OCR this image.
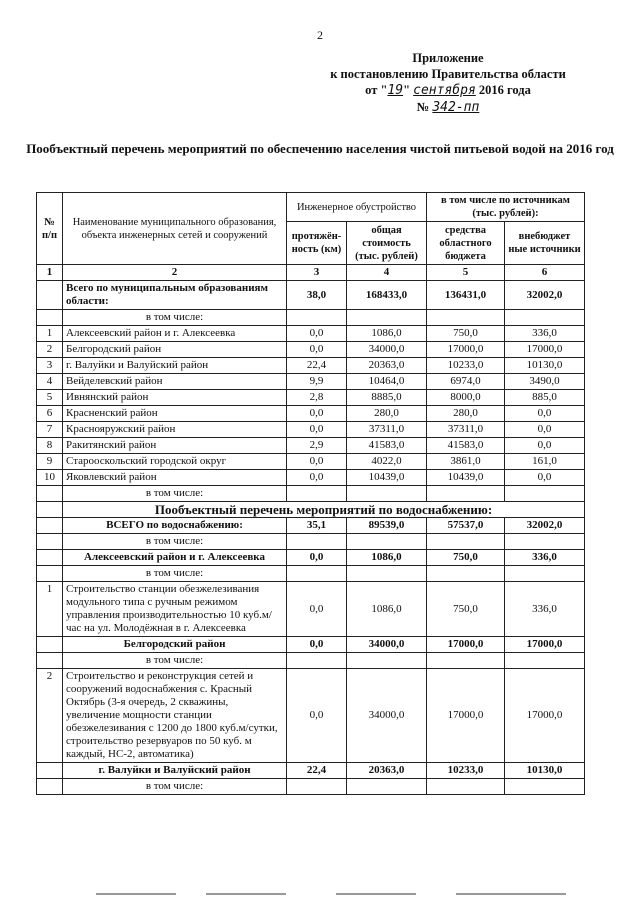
2
Приложение
к постановлению Правительства области
от "19" сентября 2016 года
№ 342-пп
Пообъектный перечень мероприятий по обеспечению населения чистой питьевой водой на 2016 год
№ п/п	Наименование муниципального образования, объекта инженерных сетей и сооружений	Инженерное обустройство		в том числе по источникам (тыс. рублей):	
		протяжён- ность (км)	общая стоимость (тыс. рублей)	средства областного бюджета	внебюджет ные источники
1	2	3	4	5	6
	Всего по муниципальным образованиям области:	38,0	168433,0	136431,0	32002,0
	в том числе:				
1	Алексеевский район и г. Алексеевка	0,0	1086,0	750,0	336,0
2	Белгородский район	0,0	34000,0	17000,0	17000,0
3	г. Валуйки и Валуйский район	22,4	20363,0	10233,0	10130,0
4	Вейделевский район	9,9	10464,0	6974,0	3490,0
5	Ивнянский район	2,8	8885,0	8000,0	885,0
6	Красненский район	0,0	280,0	280,0	0,0
7	Краснояружский район	0,0	37311,0	37311,0	0,0
8	Ракитянский район	2,9	41583,0	41583,0	0,0
9	Старооскольский городской округ	0,0	4022,0	3861,0	161,0
10	Яковлевский район	0,0	10439,0	10439,0	0,0
	в том числе:				
	Пообъектный перечень мероприятий по водоснабжению:				
	ВСЕГО по водоснабжению:	35,1	89539,0	57537,0	32002,0
	в том числе:				
	Алексеевский район и г. Алексеевка	0,0	1086,0	750,0	336,0
	в том числе:				
1	Строительство станции обезжелезивания модульного типа с ручным режимом управления производительностью 10 куб.м/час на ул. Молодёжная в г. Алексеевка	0,0	1086,0	750,0	336,0
	Белгородский район	0,0	34000,0	17000,0	17000,0
	в том числе:				
2	Строительство и реконструкция сетей и сооружений водоснабжения с. Красный Октябрь (3-я очередь, 2 скважины, увеличение мощности станции обезжелезивания с 1200 до 1800 куб.м/сутки, строительство резервуаров по 50 куб. м каждый, НС-2, автоматика)	0,0	34000,0	17000,0	17000,0
	г. Валуйки и Валуйский район	22,4	20363,0	10233,0	10130,0
	в том числе:				
